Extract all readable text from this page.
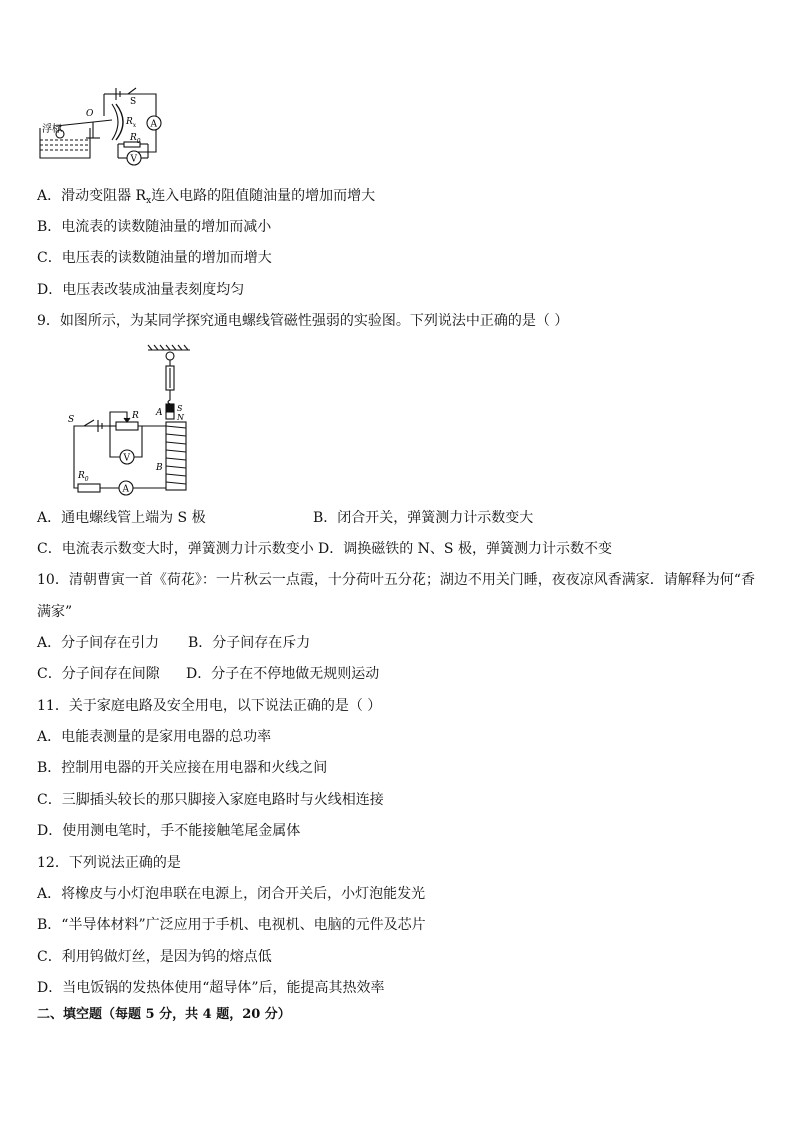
浮标
O
S
A
V
$R_x$
$R_0$
A．滑动变阻器 $R_x$连入电路的阻值随油量的增加而增大
B．电流表的读数随油量的增加而减小
C．电压表的读数随油量的增加而增大
D．电压表改装成油量表刻度均匀
9．如图所示，为某同学探究通电螺线管磁性强弱的实验图。下列说法中正确的是（ ）
A S
N
S	R
V
B
$R_0$
A
A．通电螺线管上端为 S 极	B．闭合开关，弹簧测力计示数变大
C．电流表示数变大时，弹簧测力计示数变小 D．调换磁铁的 N、S 极，弹簧测力计示数不变
10．清朝曹寅一首《荷花》：一片秋云一点霞，十分荷叶五分花；湖边不用关门睡，夜夜凉风香满家．请解释为何“香
满家”
A．分子间存在引力 B．分子间存在斥力
C．分子间存在间隙 D．分子在不停地做无规则运动
11．关于家庭电路及安全用电，以下说法正确的是（ ）
A．电能表测量的是家用电器的总功率
B．控制用电器的开关应接在用电器和火线之间
C．三脚插头较长的那只脚接入家庭电路时与火线相连接
D．使用测电笔时，手不能接触笔尾金属体
12．下列说法正确的是
A．将橡皮与小灯泡串联在电源上，闭合开关后，小灯泡能发光
B．“半导体材料”广泛应用于手机、电视机、电脑的元件及芯片
C．利用钨做灯丝，是因为钨的熔点低
D．当电饭锅的发热体使用“超导体”后，能提高其热效率
二、填空题（每题 5 分，共 4 题，20 分）
